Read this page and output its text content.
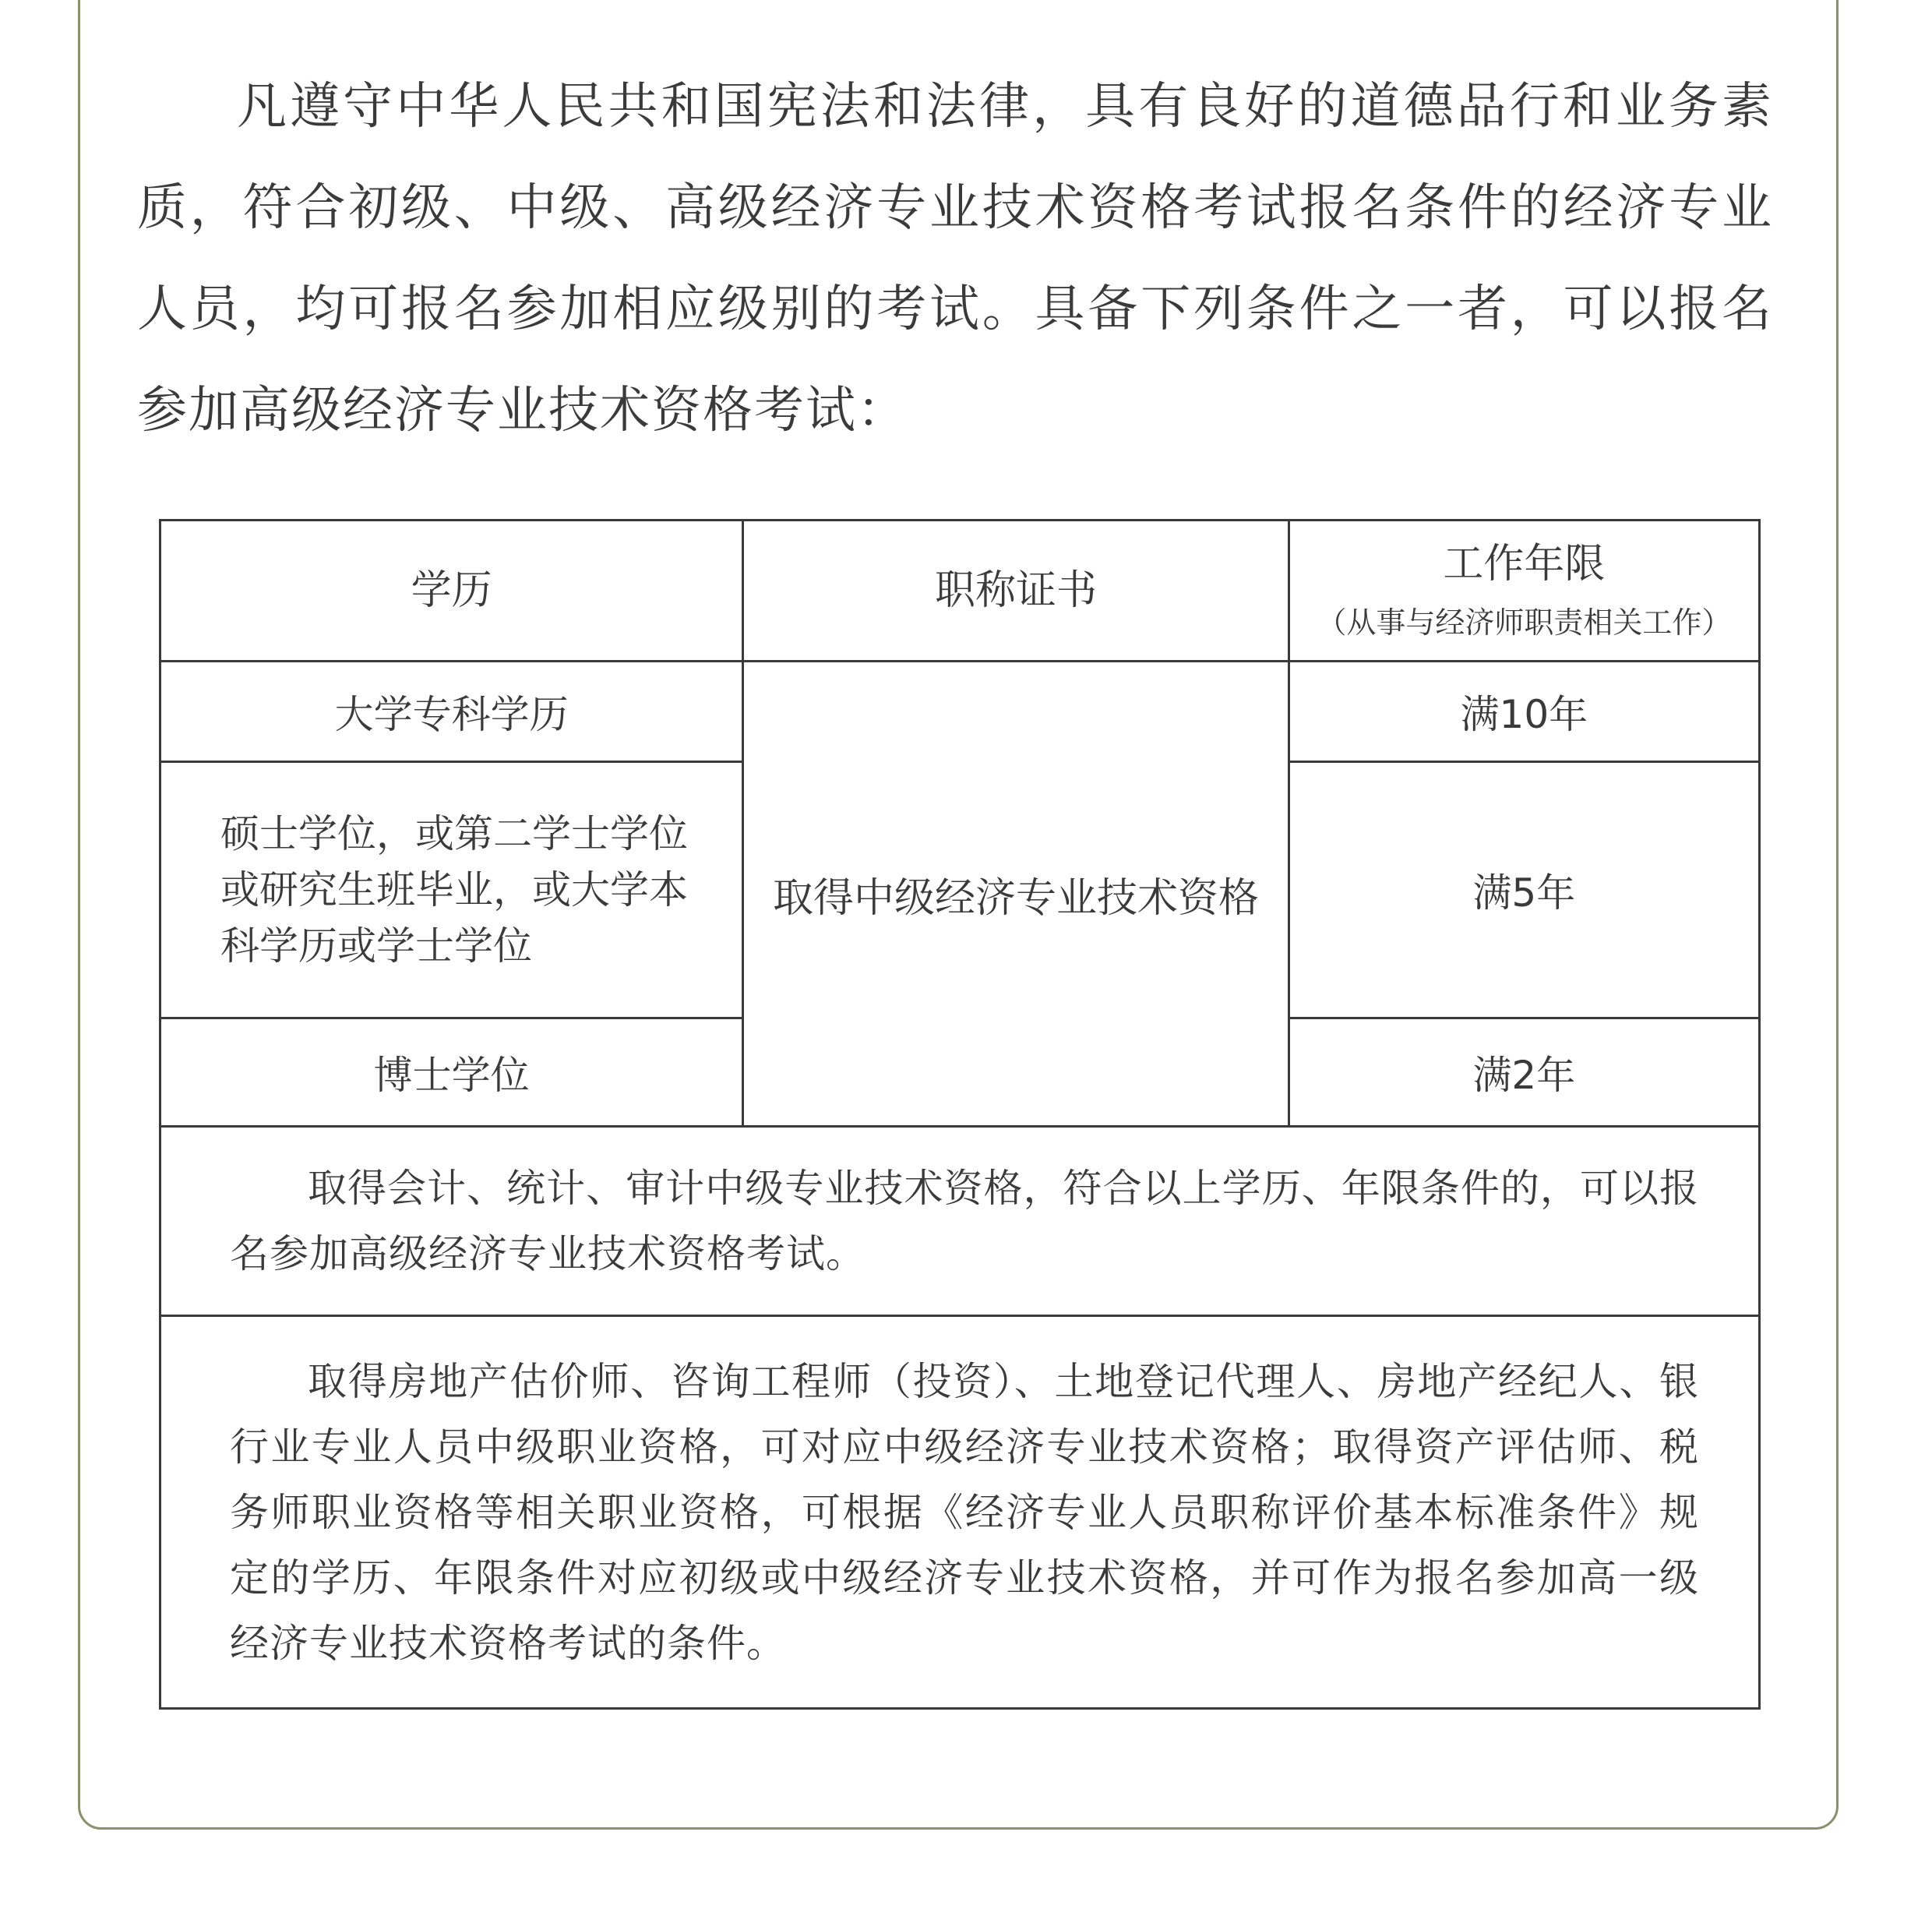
凡遵守中华人民共和国宪法和法律，具有良好的道德品行和业务素质，符合初级、中级、高级经济专业技术资格考试报名条件的经济专业人员，均可报名参加相应级别的考试。具备下列条件之一者，可以报名参加高级经济专业技术资格考试：

学历	职称证书	工作年限
（从事与经济师职责相关工作）

大学专科学历	取得中级经济专业技术资格	满10年
硕士学位，或第二学士学位或研究生班毕业，或大学本科学历或学士学位		满5年
博士学位		满2年
取得会计、统计、审计中级专业技术资格，符合以上学历、年限条件的，可以报名参加高级经济专业技术资格考试。		
取得房地产估价师、咨询工程师（投资）、土地登记代理人、房地产经纪人、银行业专业人员中级职业资格，可对应中级经济专业技术资格；取得资产评估师、税务师职业资格等相关职业资格，可根据《经济专业人员职称评价基本标准条件》规定的学历、年限条件对应初级或中级经济专业技术资格，并可作为报名参加高一级经济专业技术资格考试的条件。		
